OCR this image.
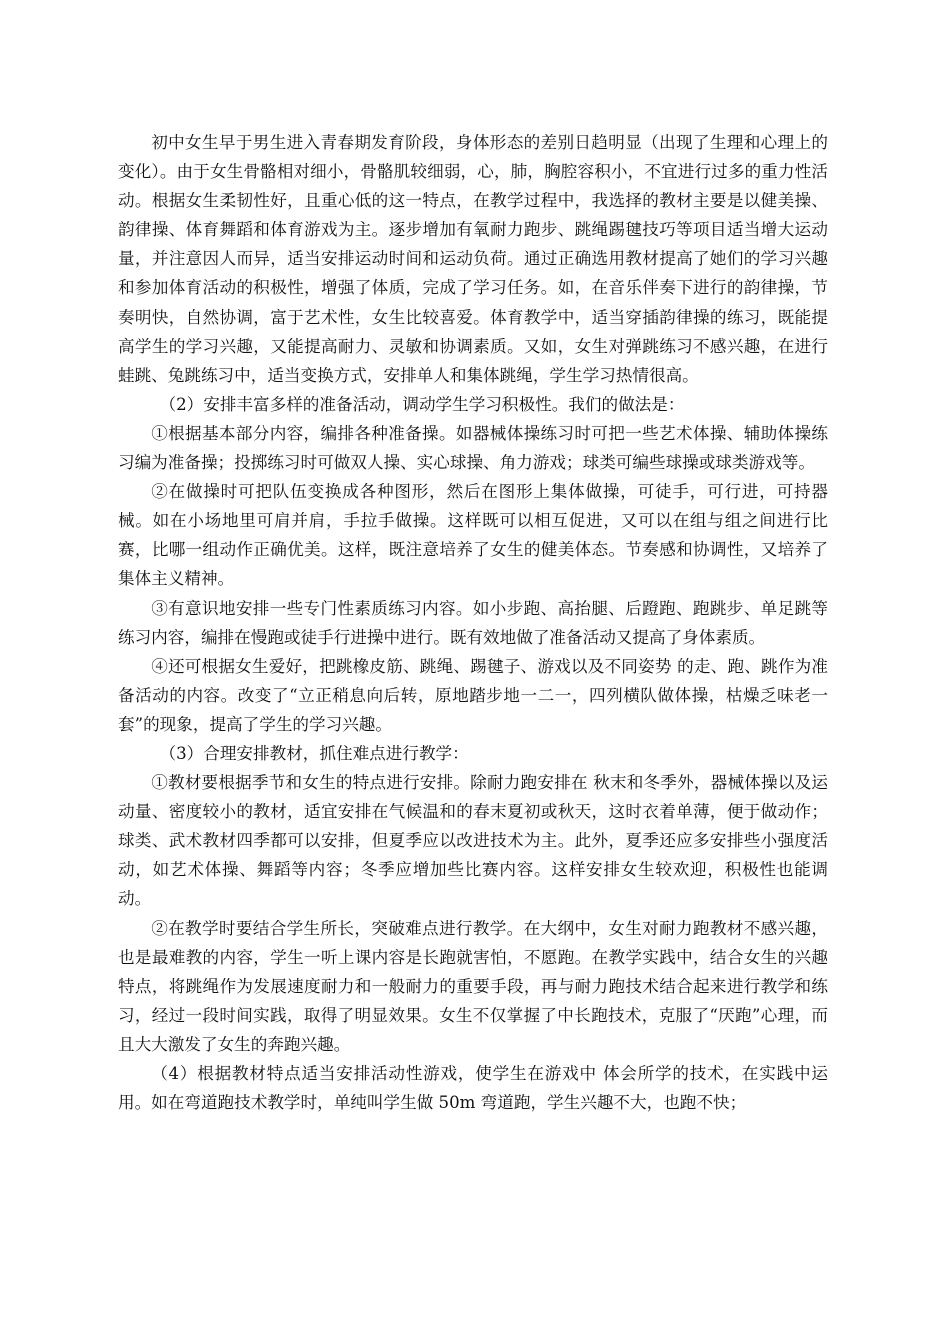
初中女生早于男生进入青春期发育阶段，身体形态的差别日趋明显（出现了生理和心理上的变化）。由于女生骨骼相对细小，骨骼肌较细弱，心，肺，胸腔容积小，不宜进行过多的重力性活动。根据女生柔韧性好，且重心低的这一特点，在教学过程中，我选择的教材主要是以健美操、韵律操、体育舞蹈和体育游戏为主。逐步增加有氧耐力跑步、跳绳踢毽技巧等项目适当增大运动量，并注意因人而异，适当安排运动时间和运动负荷。通过正确选用教材提高了她们的学习兴趣和参加体育活动的积极性，增强了体质，完成了学习任务。如，在音乐伴奏下进行的韵律操，节奏明快，自然协调，富于艺术性，女生比较喜爱。体育教学中，适当穿插韵律操的练习，既能提高学生的学习兴趣，又能提高耐力、灵敏和协调素质。又如，女生对弹跳练习不感兴趣，在进行蛙跳、兔跳练习中，适当变换方式，安排单人和集体跳绳，学生学习热情很高。

（2）安排丰富多样的准备活动，调动学生学习积极性。我们的做法是：

①根据基本部分内容，编排各种准备操。如器械体操练习时可把一些艺术体操、辅助体操练习编为准备操；投掷练习时可做双人操、实心球操、角力游戏；球类可编些球操或球类游戏等。

②在做操时可把队伍变换成各种图形，然后在图形上集体做操，可徒手，可行进，可持器械。如在小场地里可肩并肩，手拉手做操。这样既可以相互促进，又可以在组与组之间进行比赛，比哪一组动作正确优美。这样，既注意培养了女生的健美体态。节奏感和协调性，又培养了集体主义精神。

③有意识地安排一些专门性素质练习内容。如小步跑、高抬腿、后蹬跑、跑跳步、单足跳等练习内容，编排在慢跑或徒手行进操中进行。既有效地做了准备活动又提高了身体素质。

④还可根据女生爱好，把跳橡皮筋、跳绳、踢毽子、游戏以及不同姿势 的走、跑、跳作为准备活动的内容。改变了“立正稍息向后转，原地踏步地一二一，四列横队做体操，枯燥乏味老一套”的现象，提高了学生的学习兴趣。

（3）合理安排教材，抓住难点进行教学：

①教材要根据季节和女生的特点进行安排。除耐力跑安排在 秋末和冬季外，器械体操以及运动量、密度较小的教材，适宜安排在气候温和的春末夏初或秋天，这时衣着单薄，便于做动作；球类、武术教材四季都可以安排，但夏季应以改进技术为主。此外，夏季还应多安排些小强度活动，如艺术体操、舞蹈等内容；冬季应增加些比赛内容。这样安排女生较欢迎，积极性也能调动。

②在教学时要结合学生所长，突破难点进行教学。在大纲中，女生对耐力跑教材不感兴趣，也是最难教的内容，学生一听上课内容是长跑就害怕，不愿跑。在教学实践中，结合女生的兴趣特点，将跳绳作为发展速度耐力和一般耐力的重要手段，再与耐力跑技术结合起来进行教学和练习，经过一段时间实践，取得了明显效果。女生不仅掌握了中长跑技术，克服了“厌跑”心理，而且大大激发了女生的奔跑兴趣。

（4）根据教材特点适当安排活动性游戏，使学生在游戏中 体会所学的技术，在实践中运用。如在弯道跑技术教学时，单纯叫学生做 50m 弯道跑，学生兴趣不大，也跑不快；
